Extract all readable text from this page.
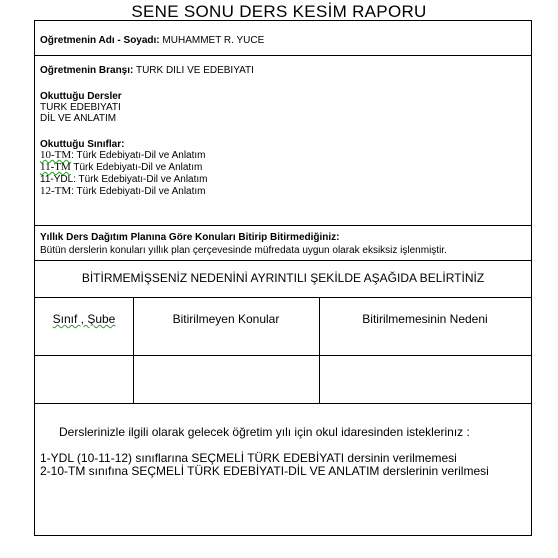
SENE SONU DERS KESİM RAPORU
Oğretmenin Adı - Soyadı: MUHAMMET R. YUCE
Oğretmenin Branşı: TURK DILI VE EDEBIYATI
Okuttuğu Dersler
TURK EDEBIYATI
DİL VE ANLATIM
Okuttuğu Sınıflar:
10-TM: Türk Edebiyatı-Dil ve Anlatım
11-TM Türk Edebiyatı-Dil ve Anlatım
11-YDL: Türk Edebiyatı-Dil ve Anlatım
12-TM: Türk Edebiyatı-Dil ve Anlatım
Yıllık Ders Dağıtım Planına Göre Konuları Bitirip Bitirmediğiniz:
Bütün derslerin konuları yıllık plan çerçevesinde müfredata uygun olarak eksiksiz işlenmiştir.
BİTİRMEMİŞSENİZ NEDENİNİ AYRINTILI ŞEKİLDE AŞAĞIDA BELİRTİNİZ
Sınıf , Şube	Bitirilmeyen Konular	Bitirilmemesinin Nedeni
Derslerinizle ilgili olarak gelecek öğretim yılı için okul idaresinden isteklerinız :
1-YDL (10-11-12) sınıflarına SEÇMELİ TÜRK EDEBİYATI dersinin verilmemesi
2-10-TM sınıfına SEÇMELİ TÜRK EDEBİYATI-DİL VE ANLATIM derslerinin verilmesi
